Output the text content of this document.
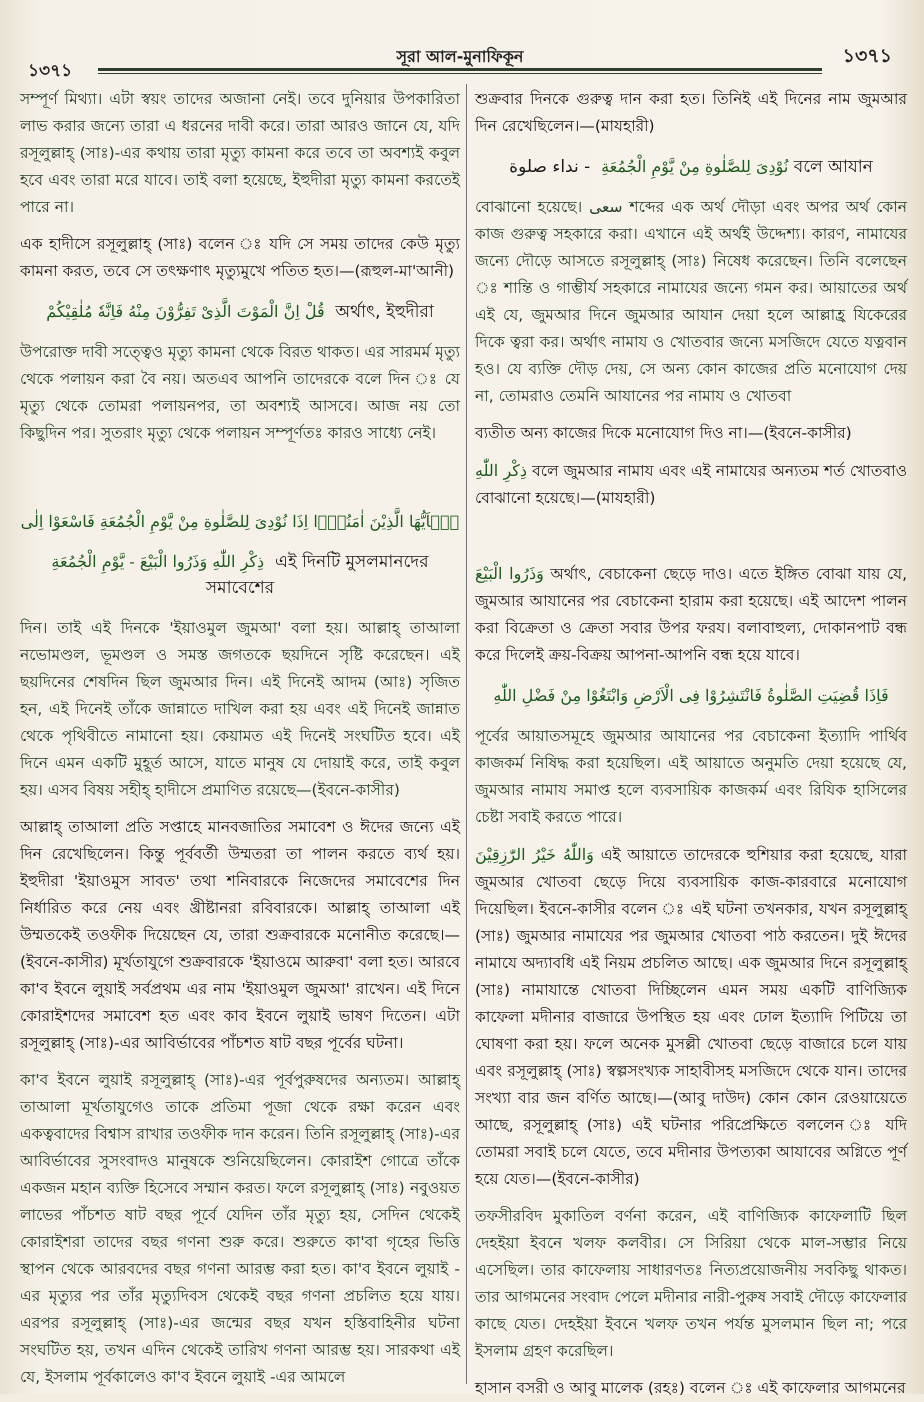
১৩৭১
সূরা আল-মুনাফিকূন	১৩৭১

সম্পূর্ণ মিথ্যা। এটা স্বয়ং তাদের অজানা নেই। তবে দুনিয়ার উপকারিতা লাভ করার জন্যে তারা এ ধরনের দাবী করে। তারা আরও জানে যে, যদি রসূলুল্লাহ্ (সাঃ)-এর কথায় তারা মৃত্যু কামনা করে তবে তা অবশ্যই কবুল হবে এবং তারা মরে যাবে। তাই বলা হয়েছে, ইহুদীরা মৃত্যু কামনা করতেই পারে না।

এক হাদীসে রসূলুল্লাহ্ (সাঃ) বলেন ঃ যদি সে সময় তাদের কেউ মৃত্যু কামনা করত, তবে সে তৎক্ষণাৎ মৃত্যুমুখে পতিত হত।—(রূহুল-মা'আনী)

قُلْ اِنَّ الْمَوْتَ الَّذِیْ تَفِرُّوْنَ مِنْهُ فَاِنَّهٗ مُلٰقِیْكُمْ অর্থাৎ, ইহুদীরা

উপরোক্ত দাবী সত্ত্বেও মৃত্যু কামনা থেকে বিরত থাকত। এর সারমর্ম মৃত্যু থেকে পলায়ন করা বৈ নয়। অতএব আপনি তাদেরকে বলে দিন ঃ যে মৃত্যু থেকে তোমরা পলায়নপর, তা অবশ্যই আসবে। আজ নয় তো কিছুদিন পর। সুতরাং মৃত্যু থেকে পলায়ন সম্পূর্ণতঃ কারও সাধ্যে নেই।

یٰۤاَیُّهَا الَّذِیْنَ اٰمَنُوْۤا اِذَا نُوْدِیَ لِلصَّلٰوةِ مِنْ یَّوْمِ الْجُمُعَةِ فَاسْعَوْا اِلٰى

ذِكْرِ اللّٰهِ وَذَرُوا الْبَیْعَ - یَّوْمِ الْجُمُعَةِ এই দিনটি মুসলমানদের সমাবেশের

দিন। তাই এই দিনকে 'ইয়াওমুল জুমআ' বলা হয়। আল্লাহ্ তাআলা নভোমণ্ডল, ভূমণ্ডল ও সমস্ত জগতকে ছয়দিনে সৃষ্টি করেছেন। এই ছয়দিনের শেষদিন ছিল জুমআর দিন। এই দিনেই আদম (আঃ) সৃজিত হন, এই দিনেই তাঁকে জান্নাতে দাখিল করা হয় এবং এই দিনেই জান্নাত থেকে পৃথিবীতে নামানো হয়। কেয়ামত এই দিনেই সংঘটিত হবে। এই দিনে এমন একটি মুহূর্ত আসে, যাতে মানুষ যে দোয়াই করে, তাই কবুল হয়। এসব বিষয় সহীহ্ হাদীসে প্রমাণিত রয়েছে—(ইবনে-কাসীর)

আল্লাহ্ তাআলা প্রতি সপ্তাহে মানবজাতির সমাবেশ ও ঈদের জন্যে এই দিন রেখেছিলেন। কিন্তু পূর্ববর্তী উম্মতরা তা পালন করতে ব্যর্থ হয়। ইহুদীরা 'ইয়াওমুস সাবত' তথা শনিবারকে নিজেদের সমাবেশের দিন নির্ধারিত করে নেয় এবং খ্রীষ্টানরা রবিবারকে। আল্লাহ্ তাআলা এই উম্মতকেই তওফীক দিয়েছেন যে, তারা শুক্রবারকে মনোনীত করেছে।—(ইবনে-কাসীর) মূর্খতাযুগে শুক্রবারকে 'ইয়াওমে আরুবা' বলা হত। আরবে কা'ব ইবনে লুয়াই সর্বপ্রথম এর নাম 'ইয়াওমুল জুমআ' রাখেন। এই দিনে কোরাইশদের সমাবেশ হত এবং কাব ইবনে লুয়াই ভাষণ দিতেন। এটা রসূলুল্লাহ্ (সাঃ)-এর আবির্ভাবের পাঁচশত ষাট বছর পূর্বের ঘটনা।

কা'ব ইবনে লুয়াই রসূলুল্লাহ্ (সাঃ)-এর পূর্বপুরুষদের অন্যতম। আল্লাহ্ তাআলা মূর্খতাযুগেও তাকে প্রতিমা পূজা থেকে রক্ষা করেন এবং একত্ববাদের বিশ্বাস রাখার তওফীক দান করেন। তিনি রসূলুল্লাহ্ (সাঃ)-এর আবির্ভাবের সুসংবাদও মানুষকে শুনিয়েছিলেন। কোরাইশ গোত্রে তাঁকে একজন মহান ব্যক্তি হিসেবে সম্মান করত। ফলে রসূলুল্লাহ্ (সাঃ) নবুওয়ত লাভের পাঁচশত ষাট বছর পূর্বে যেদিন তাঁর মৃত্যু হয়, সেদিন থেকেই কোরাইশরা তাদের বছর গণনা শুরু করে। শুরুতে কা'বা গৃহের ভিত্তি স্থাপন থেকে আরবদের বছর গণনা আরম্ভ করা হত। কা'ব ইবনে লুয়াই - এর মৃত্যুর পর তাঁর মৃত্যুদিবস থেকেই বছর গণনা প্রচলিত হয়ে যায়। এরপর রসূলুল্লাহ্ (সাঃ)-এর জন্মের বছর যখন হস্তিবাহিনীর ঘটনা সংঘটিত হয়, তখন এদিন থেকেই তারিখ গণনা আরম্ভ হয়। সারকথা এই যে, ইসলাম পূর্বকালেও কা'ব ইবনে লুয়াই -এর আমলে

শুক্রবার দিনকে গুরুত্ব দান করা হত। তিনিই এই দিনের নাম জুমআর দিন রেখেছিলেন।—(মাযহারী)

نُوْدِیَ لِلصَّلٰوةِ مِنْ یَّوْمِ الْجُمُعَةِ  - نداء صلوة বলে আযান

বোঝানো হয়েছে। سعى শব্দের এক অর্থ দৌড়া এবং অপর অর্থ কোন কাজ গুরুত্ব সহকারে করা। এখানে এই অর্থই উদ্দেশ্য। কারণ, নামাযের জন্যে দৌড়ে আসতে রসূলুল্লাহ্ (সাঃ) নিষেধ করেছেন। তিনি বলেছেন ঃ শান্তি ও গাম্ভীর্য সহকারে নামাযের জন্যে গমন কর। আয়াতের অর্থ এই যে, জুমআর দিনে জুমআর আযান দেয়া হলে আল্লাহ্র যিকেরের দিকে ত্বরা কর। অর্থাৎ নামায ও খোতবার জন্যে মসজিদে যেতে যত্নবান হও। যে ব্যক্তি দৌড় দেয়, সে অন্য কোন কাজের প্রতি মনোযোগ দেয় না, তোমরাও তেমনি আযানের পর নামায ও খোতবা

ব্যতীত অন্য কাজের দিকে মনোযোগ দিও না।—(ইবনে-কাসীর)

ذِكْرِ اللّٰهِ বলে জুমআর নামায এবং এই নামাযের অন্যতম শর্ত খোতবাও বোঝানো হয়েছে।—(মাযহারী)

وَذَرُوا الْبَیْعَ অর্থাৎ, বেচাকেনা ছেড়ে দাও। এতে ইঙ্গিত বোঝা যায় যে, জুমআর আযানের পর বেচাকেনা হারাম করা হয়েছে। এই আদেশ পালন করা বিক্রেতা ও ক্রেতা সবার উপর ফরয। বলাবাহুল্য, দোকানপাট বন্ধ করে দিলেই ক্রয়-বিক্রয় আপনা-আপনি বন্ধ হয়ে যাবে।

فَاِذَا قُضِیَتِ الصَّلٰوةُ فَانْتَشِرُوْا فِی الْاَرْضِ وَابْتَغُوْا مِنْ فَضْلِ اللّٰهِ

পূর্বের আয়াতসমূহে জুমআর আযানের পর বেচাকেনা ইত্যাদি পার্থিব কাজকর্ম নিষিদ্ধ করা হয়েছিল। এই আয়াতে অনুমতি দেয়া হয়েছে যে, জুমআর নামায সমাপ্ত হলে ব্যবসায়িক কাজকর্ম এবং রিযিক হাসিলের চেষ্টা সবাই করতে পারে।

وَاللّٰهُ خَیْرُ الرّٰزِقِیْنَ এই আয়াতে তাদেরকে হুশিয়ার করা হয়েছে, যারা জুমআর খোতবা ছেড়ে দিয়ে ব্যবসায়িক কাজ-কারবারে মনোযোগ দিয়েছিল। ইবনে-কাসীর বলেন ঃ এই ঘটনা তখনকার, যখন রসূলুল্লাহ্ (সাঃ) জুমআর নামাযের পর জুমআর খোতবা পাঠ করতেন। দুই ঈদের নামাযে অদ্যাবধি এই নিয়ম প্রচলিত আছে। এক জুমআর দিনে রসূলুল্লাহ্ (সাঃ) নামাযান্তে খোতবা দিচ্ছিলেন এমন সময় একটি বাণিজ্যিক কাফেলা মদীনার বাজারে উপস্থিত হয় এবং ঢোল ইত্যাদি পিটিয়ে তা ঘোষণা করা হয়। ফলে অনেক মুসল্লী খোতবা ছেড়ে বাজারে চলে যায় এবং রসূলুল্লাহ্ (সাঃ) স্বল্পসংখ্যক সাহাবীসহ মসজিদে থেকে যান। তাদের সংখ্যা বার জন বর্ণিত আছে।—(আবু দাউদ) কোন কোন রেওয়ায়েতে আছে, রসূলুল্লাহ্ (সাঃ) এই ঘটনার পরিপ্রেক্ষিতে বললেন ঃ যদি তোমরা সবাই চলে যেতে, তবে মদীনার উপত্যকা আযাবের অগ্নিতে পূর্ণ হয়ে যেত।—(ইবনে-কাসীর)

তফসীরবিদ মুকাতিল বর্ণনা করেন, এই বাণিজ্যিক কাফেলাটি ছিল দেহইয়া ইবনে খলফ কলবীর। সে সিরিয়া থেকে মাল-সম্ভার নিয়ে এসেছিল। তার কাফেলায় সাধারণতঃ নিত্যপ্রয়োজনীয় সবকিছু থাকত। তার আগমনের সংবাদ পেলে মদীনার নারী-পুরুষ সবাই দৌড়ে কাফেলার কাছে যেত। দেহইয়া ইবনে খলফ তখন পর্যন্ত মুসলমান ছিল না; পরে ইসলাম গ্রহণ করেছিল।

হাসান বসরী ও আবু মালেক (রহঃ) বলেন ঃ এই কাফেলার আগমনের
